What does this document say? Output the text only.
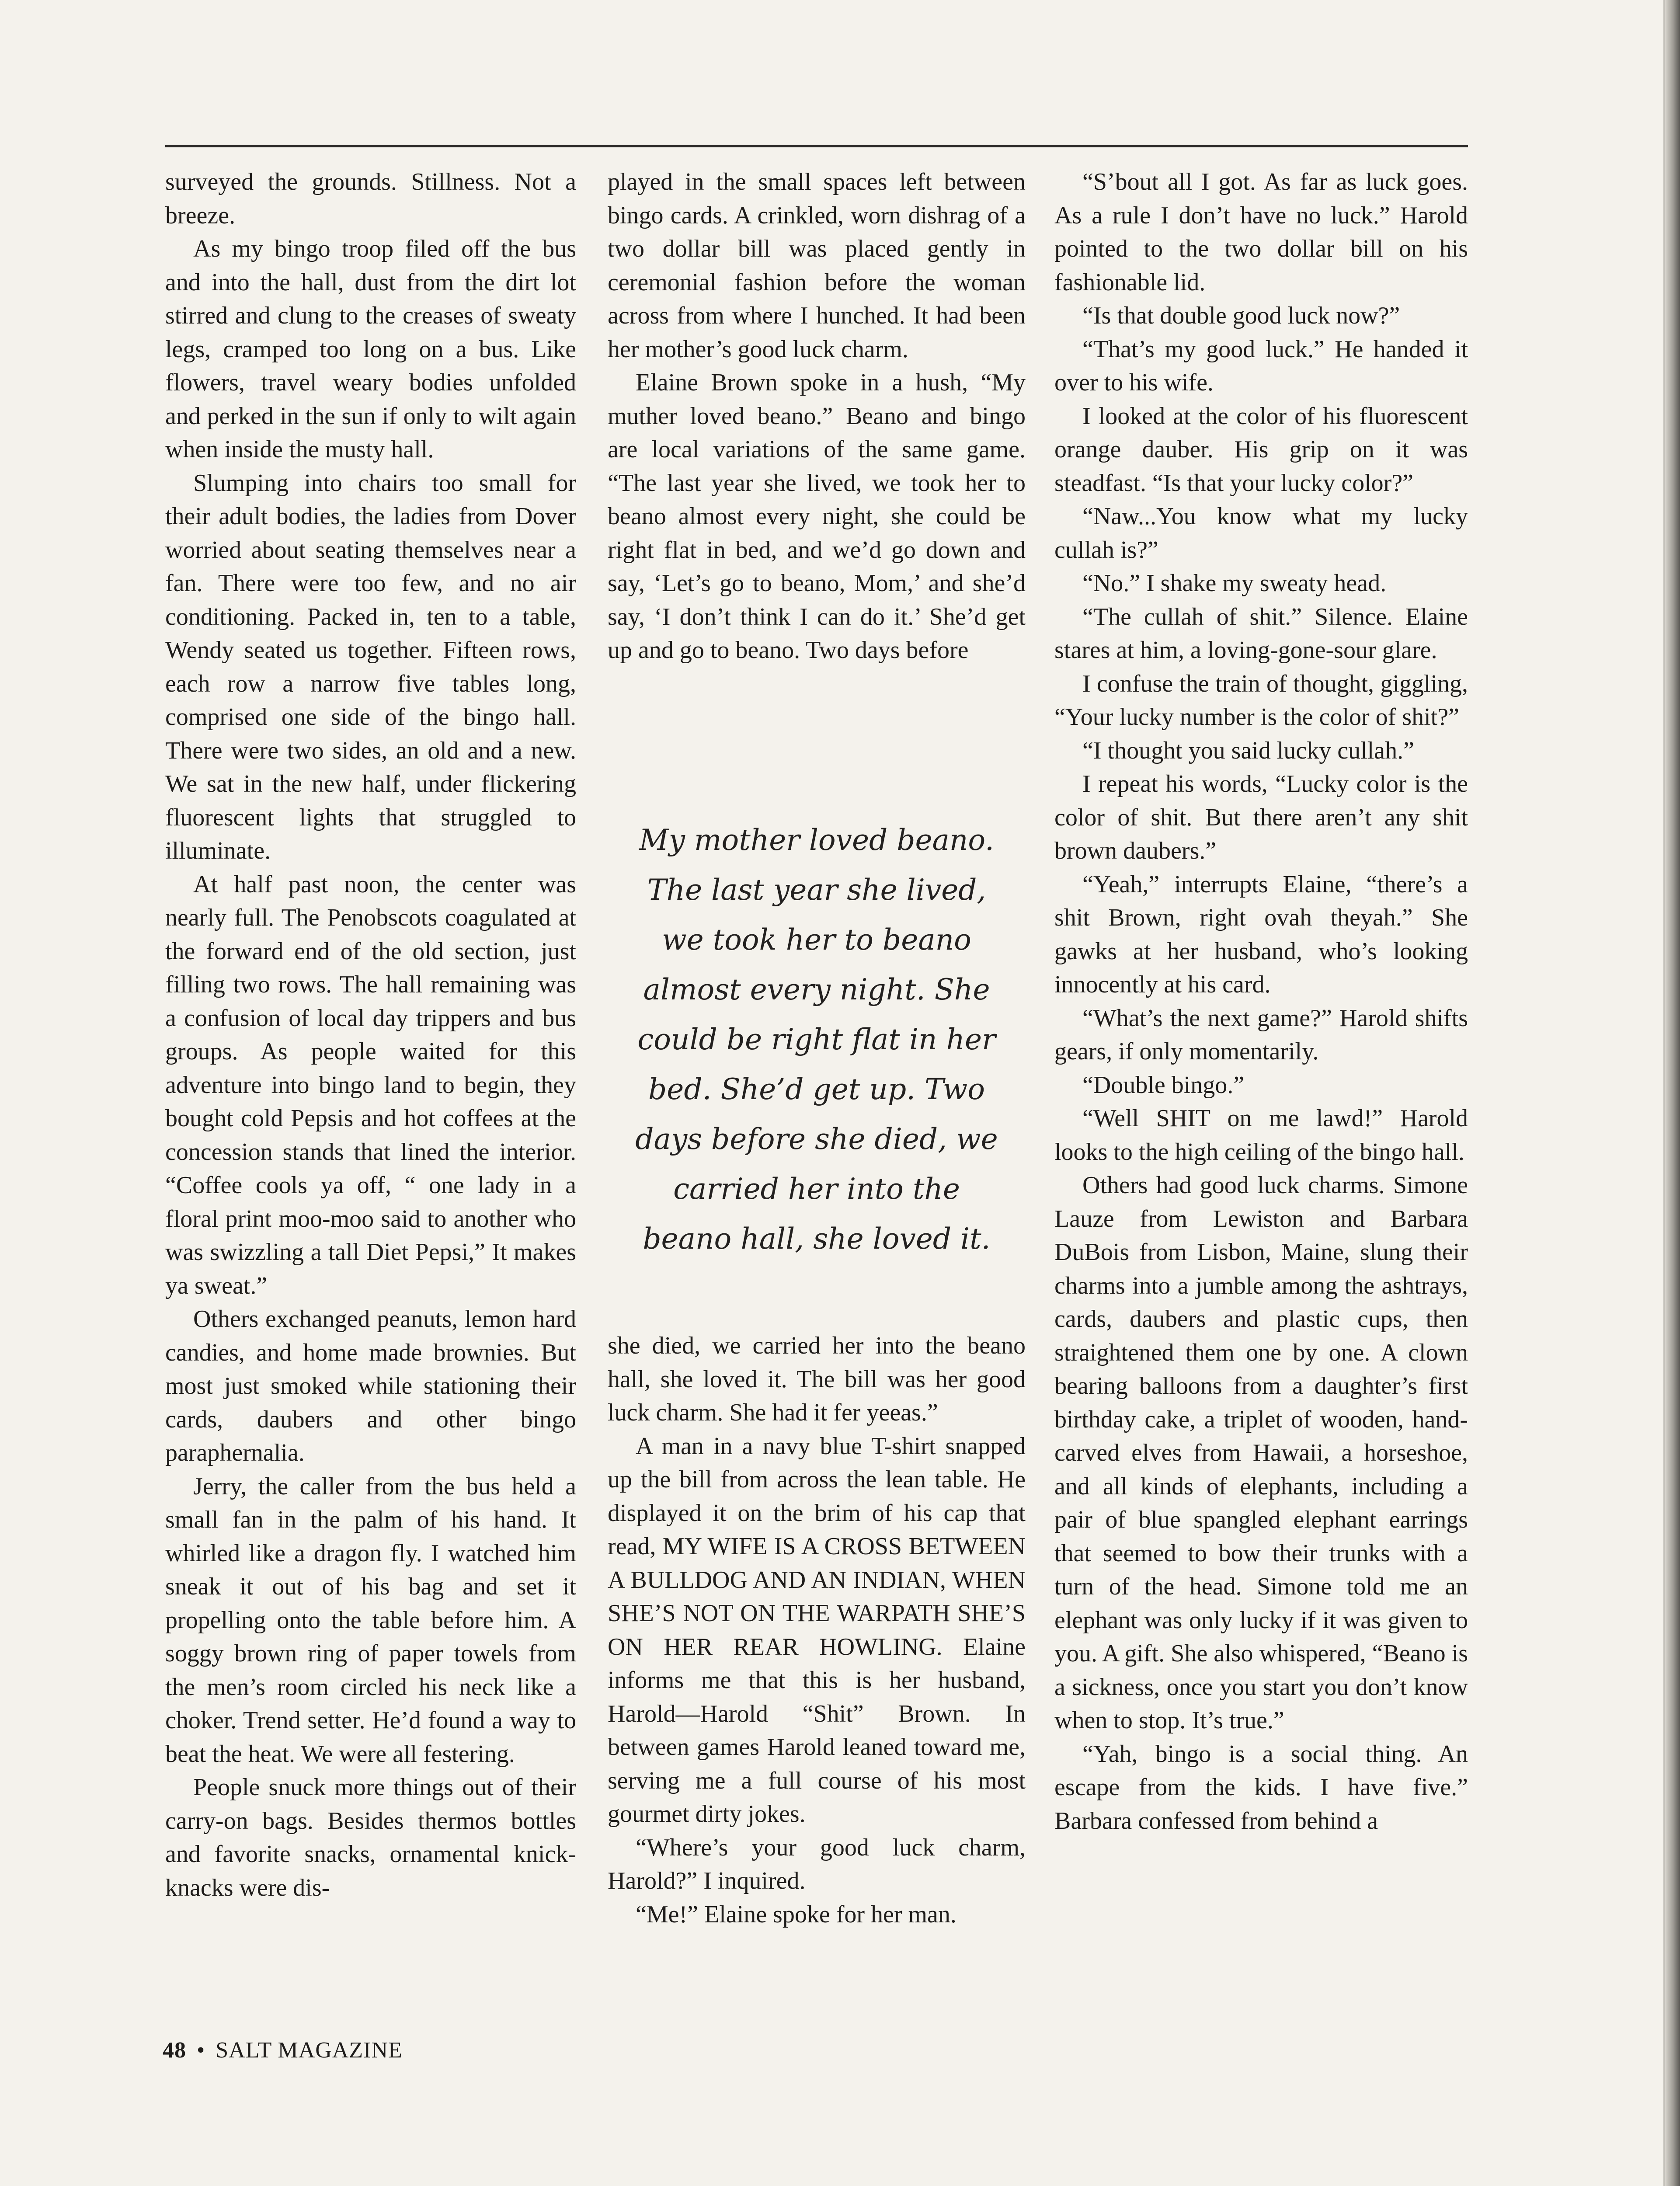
surveyed the grounds. Stillness. Not a breeze.

As my bingo troop filed off the bus and into the hall, dust from the dirt lot stirred and clung to the creases of sweaty legs, cramped too long on a bus. Like flowers, travel weary bodies unfolded and perked in the sun if only to wilt again when inside the musty hall.

Slumping into chairs too small for their adult bodies, the ladies from Dover worried about seating themselves near a fan. There were too few, and no air conditioning. Packed in, ten to a table, Wendy seated us together. Fifteen rows, each row a narrow five tables long, comprised one side of the bingo hall. There were two sides, an old and a new. We sat in the new half, under flickering fluorescent lights that struggled to illuminate.

At half past noon, the center was nearly full. The Penobscots coagulated at the forward end of the old section, just filling two rows. The hall remaining was a confusion of local day trippers and bus groups. As people waited for this adventure into bingo land to begin, they bought cold Pepsis and hot coffees at the concession stands that lined the interior. “Coffee cools ya off, “ one lady in a floral print moo-moo said to another who was swizzling a tall Diet Pepsi,” It makes ya sweat.”

Others exchanged peanuts, lemon hard candies, and home made brownies. But most just smoked while stationing their cards, daubers and other bingo paraphernalia.

Jerry, the caller from the bus held a small fan in the palm of his hand. It whirled like a dragon fly. I watched him sneak it out of his bag and set it propelling onto the table before him. A soggy brown ring of paper towels from the men’s room circled his neck like a choker. Trend setter. He’d found a way to beat the heat. We were all festering.

People snuck more things out of their carry-on bags. Besides thermos bottles and favorite snacks, ornamental knick-knacks were dis-

played in the small spaces left between bingo cards. A crinkled, worn dishrag of a two dollar bill was placed gently in ceremonial fashion before the woman across from where I hunched. It had been her mother’s good luck charm.

Elaine Brown spoke in a hush, “My muther loved beano.” Beano and bingo are local variations of the same game. “The last year she lived, we took her to beano almost every night, she could be right flat in bed, and we’d go down and say, ‘Let’s go to beano, Mom,’ and she’d say, ‘I don’t think I can do it.’ She’d get up and go to beano. Two days before

My mother loved beano.
The last year she lived,
we took her to beano
almost every night. She
could be right flat in her
bed. She’d get up. Two
days before she died, we
carried her into the
beano hall, she loved it.

she died, we carried her into the beano hall, she loved it. The bill was her good luck charm. She had it fer yeeas.”

A man in a navy blue T-shirt snapped up the bill from across the lean table. He displayed it on the brim of his cap that read, MY WIFE IS A CROSS BETWEEN A BULLDOG AND AN INDIAN, WHEN SHE’S NOT ON THE WARPATH SHE’S ON HER REAR HOWLING. Elaine informs me that this is her husband, Harold—Harold “Shit” Brown. In between games Harold leaned toward me, serving me a full course of his most gourmet dirty jokes.

“Where’s your good luck charm, Harold?” I inquired.

“Me!” Elaine spoke for her man.

“S’bout all I got. As far as luck goes. As a rule I don’t have no luck.” Harold pointed to the two dollar bill on his fashionable lid.

“Is that double good luck now?”

“That’s my good luck.” He handed it over to his wife.

I looked at the color of his fluorescent orange dauber. His grip on it was steadfast. “Is that your lucky color?”

“Naw...You know what my lucky cullah is?”

“No.” I shake my sweaty head.

“The cullah of shit.” Silence. Elaine stares at him, a loving-gone-sour glare.

I confuse the train of thought, giggling, “Your lucky number is the color of shit?”

“I thought you said lucky cullah.”

I repeat his words, “Lucky color is the color of shit. But there aren’t any shit brown daubers.”

“Yeah,” interrupts Elaine, “there’s a shit Brown, right ovah theyah.” She gawks at her husband, who’s looking innocently at his card.

“What’s the next game?” Harold shifts gears, if only momentarily.

“Double bingo.”

“Well SHIT on me lawd!” Harold looks to the high ceiling of the bingo hall.

Others had good luck charms. Simone Lauze from Lewiston and Barbara DuBois from Lisbon, Maine, slung their charms into a jumble among the ashtrays, cards, daubers and plastic cups, then straightened them one by one. A clown bearing balloons from a daughter’s first birthday cake, a triplet of wooden, hand-carved elves from Hawaii, a horseshoe, and all kinds of elephants, including a pair of blue spangled elephant earrings that seemed to bow their trunks with a turn of the head. Simone told me an elephant was only lucky if it was given to you. A gift. She also whispered, “Beano is a sickness, once you start you don’t know when to stop. It’s true.”

“Yah, bingo is a social thing. An escape from the kids. I have five.” Barbara confessed from behind a

48 • SALT MAGAZINE
